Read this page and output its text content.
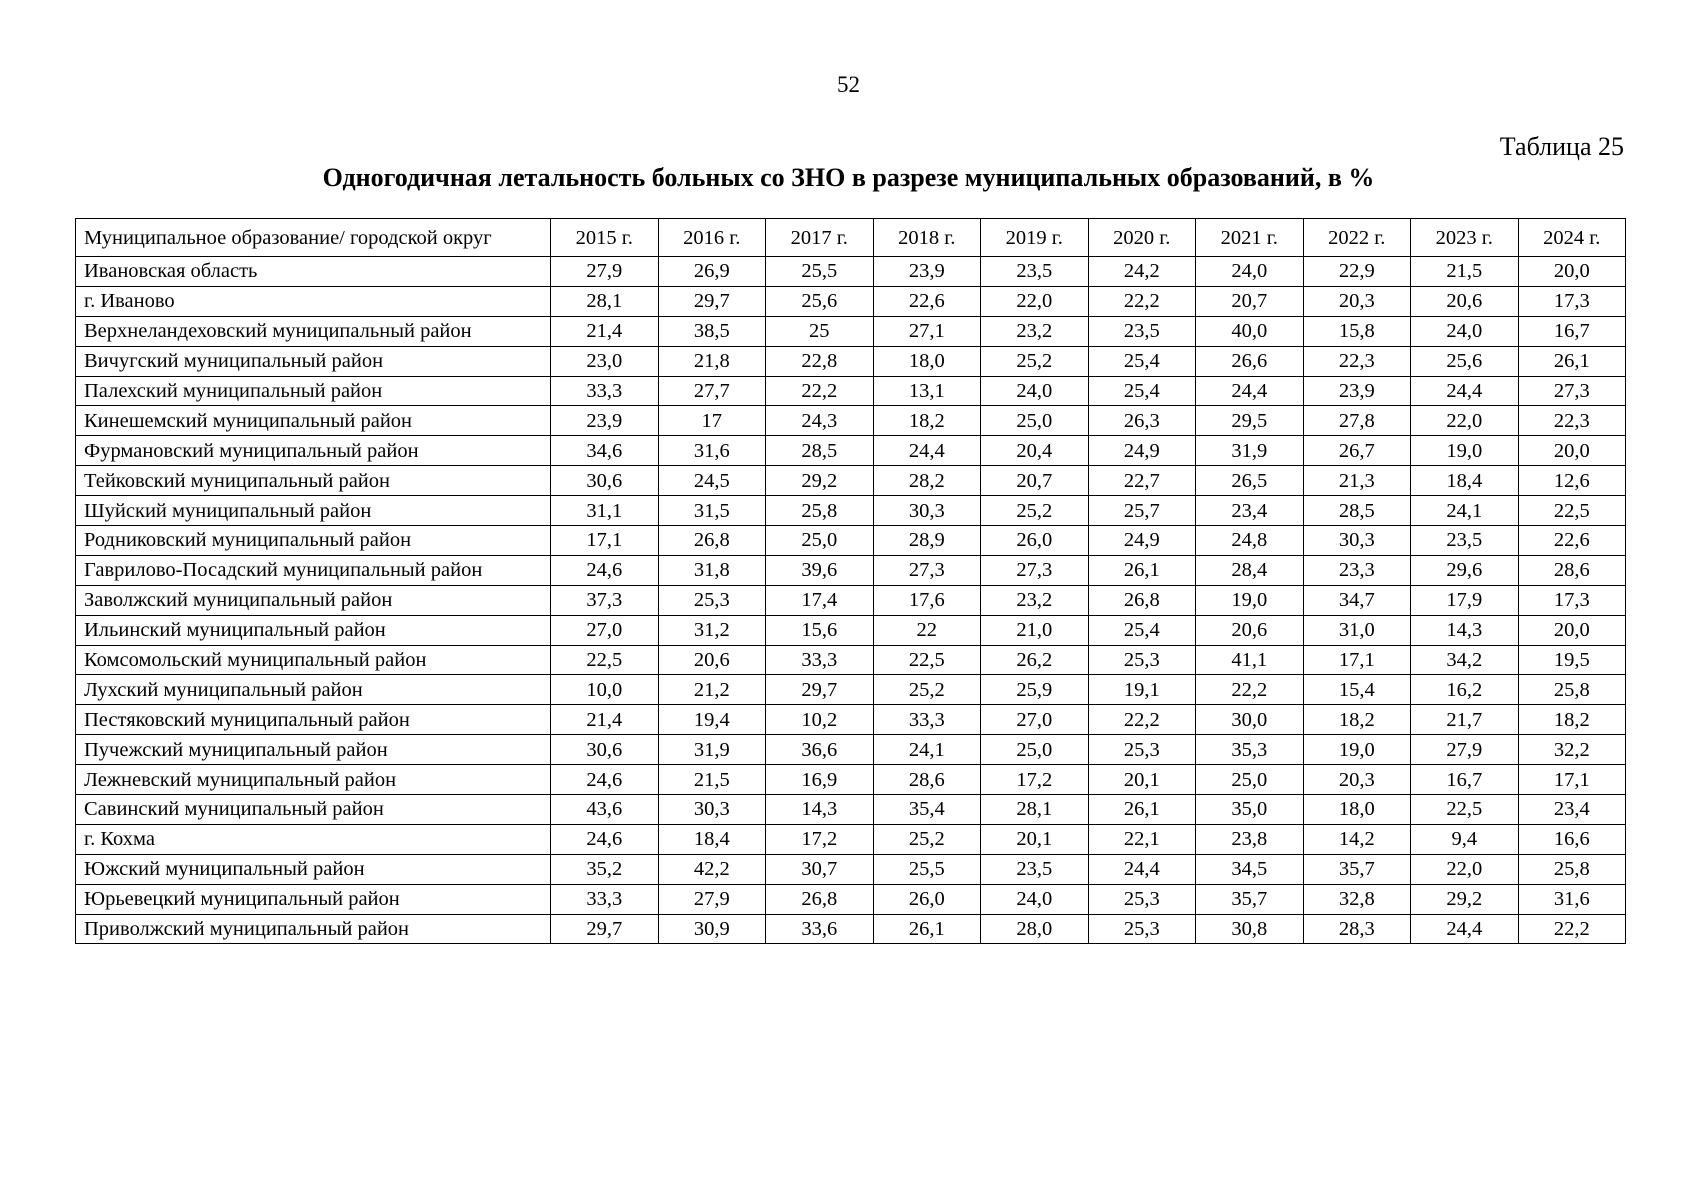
52
Таблица 25
Одногодичная летальность больных со ЗНО в разрезе муниципальных образований, в %
Муниципальное образование/ городской округ	2015 г.	2016 г.	2017 г.	2018 г.	2019 г.	2020 г.	2021 г.	2022 г.	2023 г.	2024 г.
Ивановская область	27,9	26,9	25,5	23,9	23,5	24,2	24,0	22,9	21,5	20,0
г. Иваново	28,1	29,7	25,6	22,6	22,0	22,2	20,7	20,3	20,6	17,3
Верхнеландеховский муниципальный район	21,4	38,5	25	27,1	23,2	23,5	40,0	15,8	24,0	16,7
Вичугский муниципальный район	23,0	21,8	22,8	18,0	25,2	25,4	26,6	22,3	25,6	26,1
Палехский муниципальный район	33,3	27,7	22,2	13,1	24,0	25,4	24,4	23,9	24,4	27,3
Кинешемский муниципальный район	23,9	17	24,3	18,2	25,0	26,3	29,5	27,8	22,0	22,3
Фурмановский муниципальный район	34,6	31,6	28,5	24,4	20,4	24,9	31,9	26,7	19,0	20,0
Тейковский муниципальный район	30,6	24,5	29,2	28,2	20,7	22,7	26,5	21,3	18,4	12,6
Шуйский муниципальный район	31,1	31,5	25,8	30,3	25,2	25,7	23,4	28,5	24,1	22,5
Родниковский муниципальный район	17,1	26,8	25,0	28,9	26,0	24,9	24,8	30,3	23,5	22,6
Гаврилово-Посадский муниципальный район	24,6	31,8	39,6	27,3	27,3	26,1	28,4	23,3	29,6	28,6
Заволжский муниципальный район	37,3	25,3	17,4	17,6	23,2	26,8	19,0	34,7	17,9	17,3
Ильинский муниципальный район	27,0	31,2	15,6	22	21,0	25,4	20,6	31,0	14,3	20,0
Комсомольский муниципальный район	22,5	20,6	33,3	22,5	26,2	25,3	41,1	17,1	34,2	19,5
Лухский муниципальный район	10,0	21,2	29,7	25,2	25,9	19,1	22,2	15,4	16,2	25,8
Пестяковский муниципальный район	21,4	19,4	10,2	33,3	27,0	22,2	30,0	18,2	21,7	18,2
Пучежский муниципальный район	30,6	31,9	36,6	24,1	25,0	25,3	35,3	19,0	27,9	32,2
Лежневский муниципальный район	24,6	21,5	16,9	28,6	17,2	20,1	25,0	20,3	16,7	17,1
Савинский муниципальный район	43,6	30,3	14,3	35,4	28,1	26,1	35,0	18,0	22,5	23,4
г. Кохма	24,6	18,4	17,2	25,2	20,1	22,1	23,8	14,2	9,4	16,6
Южский муниципальный район	35,2	42,2	30,7	25,5	23,5	24,4	34,5	35,7	22,0	25,8
Юрьевецкий муниципальный район	33,3	27,9	26,8	26,0	24,0	25,3	35,7	32,8	29,2	31,6
Приволжский муниципальный район	29,7	30,9	33,6	26,1	28,0	25,3	30,8	28,3	24,4	22,2
